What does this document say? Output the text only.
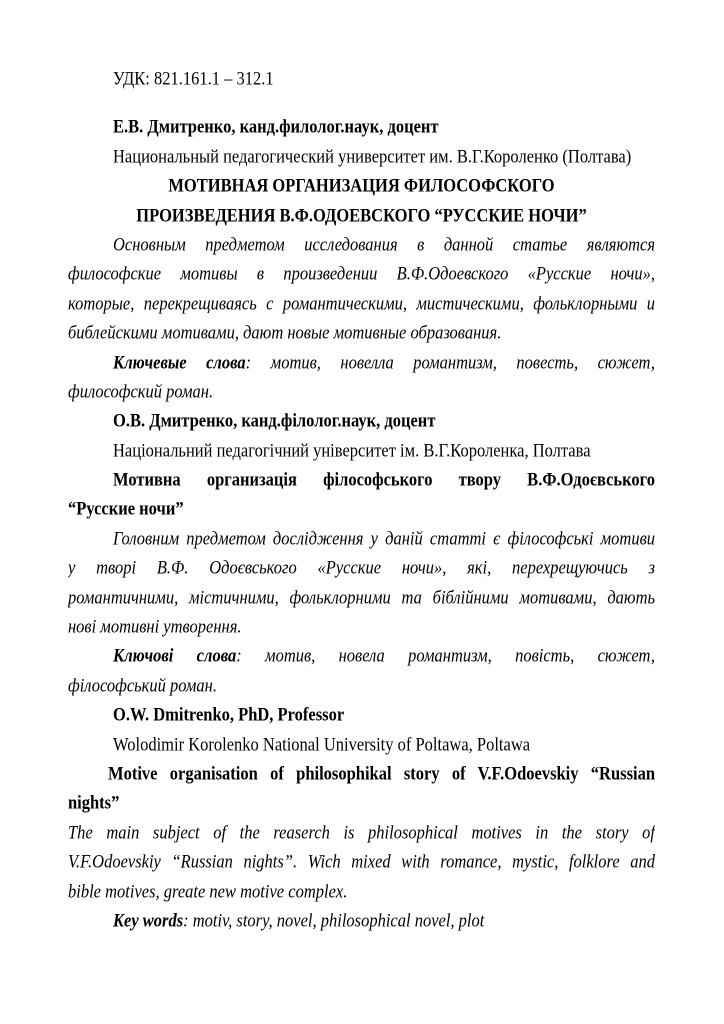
УДК: 821.161.1 – 312.1
Е.В. Дмитренко, канд.филолог.наук, доцент
Национальный педагогический университет им. В.Г.Короленко (Полтава)
МОТИВНАЯ ОРГАНИЗАЦИЯ ФИЛОСОФСКОГО
ПРОИЗВЕДЕНИЯ В.Ф.ОДОЕВСКОГО “РУССКИЕ НОЧИ”
Основным предметом исследования в данной статье являются
философские мотивы в произведении В.Ф.Одоевского «Русские ночи»,
которые, перекрещиваясь с романтическими, мистическими, фольклорными и
библейскими мотивами, дают новые мотивные образования.
Ключевые слова: мотив, новелла романтизм, повесть, сюжет,
философский роман.
О.В. Дмитренко, канд.філолог.наук, доцент
Національний педагогічний університет ім. В.Г.Короленка, Полтава
Мотивна организація філософського твору В.Ф.Одоєвського
“Русские ночи”
Головним предметом дослідження у даній статті є філософські мотиви
у творі В.Ф. Одоєвського «Русские ночи», які, перехрещуючись з
романтичними, містичними, фольклорними та біблійними мотивами, дають
нові мотивні утворення.
Ключові слова: мотив, новела романтизм, повість, сюжет,
філософський роман.
O.W. Dmitrenko, PhD, Professor
Wolodimir Korolenko National University of Poltawa, Poltawa
Motive organisation of philosophikal story of V.F.Odoevskiy “Russian
nights”
The main subject of the reaserch is philosophical motives in the story of
V.F.Odoevskiy “Russian nights”. Wich mixed with romance, mystic, folklore and
bible motives, greate new motive complex.
Key words: motiv, story, novel, philosophical novel, plot
